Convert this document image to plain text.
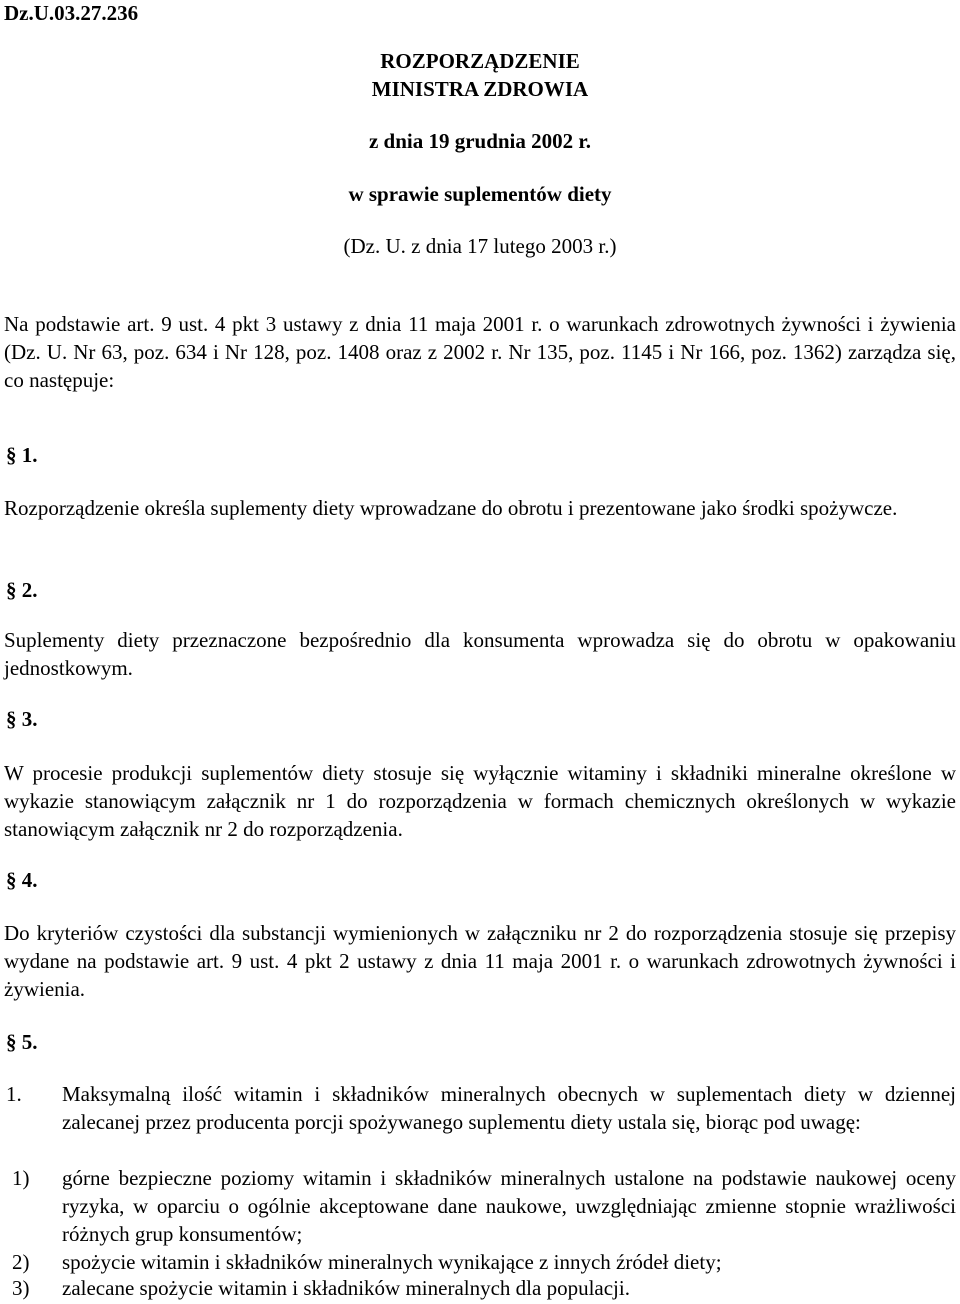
Dz.U.03.27.236
ROZPORZĄDZENIE
MINISTRA ZDROWIA
z dnia 19 grudnia 2002 r.
w sprawie suplementów diety
(Dz. U. z dnia 17 lutego 2003 r.)
Na podstawie art. 9 ust. 4 pkt 3 ustawy z dnia 11 maja 2001 r. o warunkach zdrowotnych żywności i żywienia (Dz. U. Nr 63, poz. 634 i Nr 128, poz. 1408 oraz z 2002 r. Nr 135, poz. 1145 i Nr 166, poz. 1362) zarządza się, co następuje:
§ 1.
Rozporządzenie określa suplementy diety wprowadzane do obrotu i prezentowane jako środki spożywcze.
§ 2.
Suplementy diety przeznaczone bezpośrednio dla konsumenta wprowadza się do obrotu w opakowaniu jednostkowym.
§ 3.
W procesie produkcji suplementów diety stosuje się wyłącznie witaminy i składniki mineralne określone w wykazie stanowiącym załącznik nr 1 do rozporządzenia w formach chemicznych określonych w wykazie stanowiącym załącznik nr 2 do rozporządzenia.
§ 4.
Do kryteriów czystości dla substancji wymienionych w załączniku nr 2 do rozporządzenia stosuje się przepisy wydane na podstawie art. 9 ust. 4 pkt 2 ustawy z dnia 11 maja 2001 r. o warunkach zdrowotnych żywności i żywienia.
§ 5.
1. Maksymalną ilość witamin i składników mineralnych obecnych w suplementach diety w dziennej zalecanej przez producenta porcji spożywanego suplementu diety ustala się, biorąc pod uwagę:
1) górne bezpieczne poziomy witamin i składników mineralnych ustalone na podstawie naukowej oceny ryzyka, w oparciu o ogólnie akceptowane dane naukowe, uwzględniając zmienne stopnie wrażliwości różnych grup konsumentów;
2) spożycie witamin i składników mineralnych wynikające z innych źródeł diety;
3) zalecane spożycie witamin i składników mineralnych dla populacji.
